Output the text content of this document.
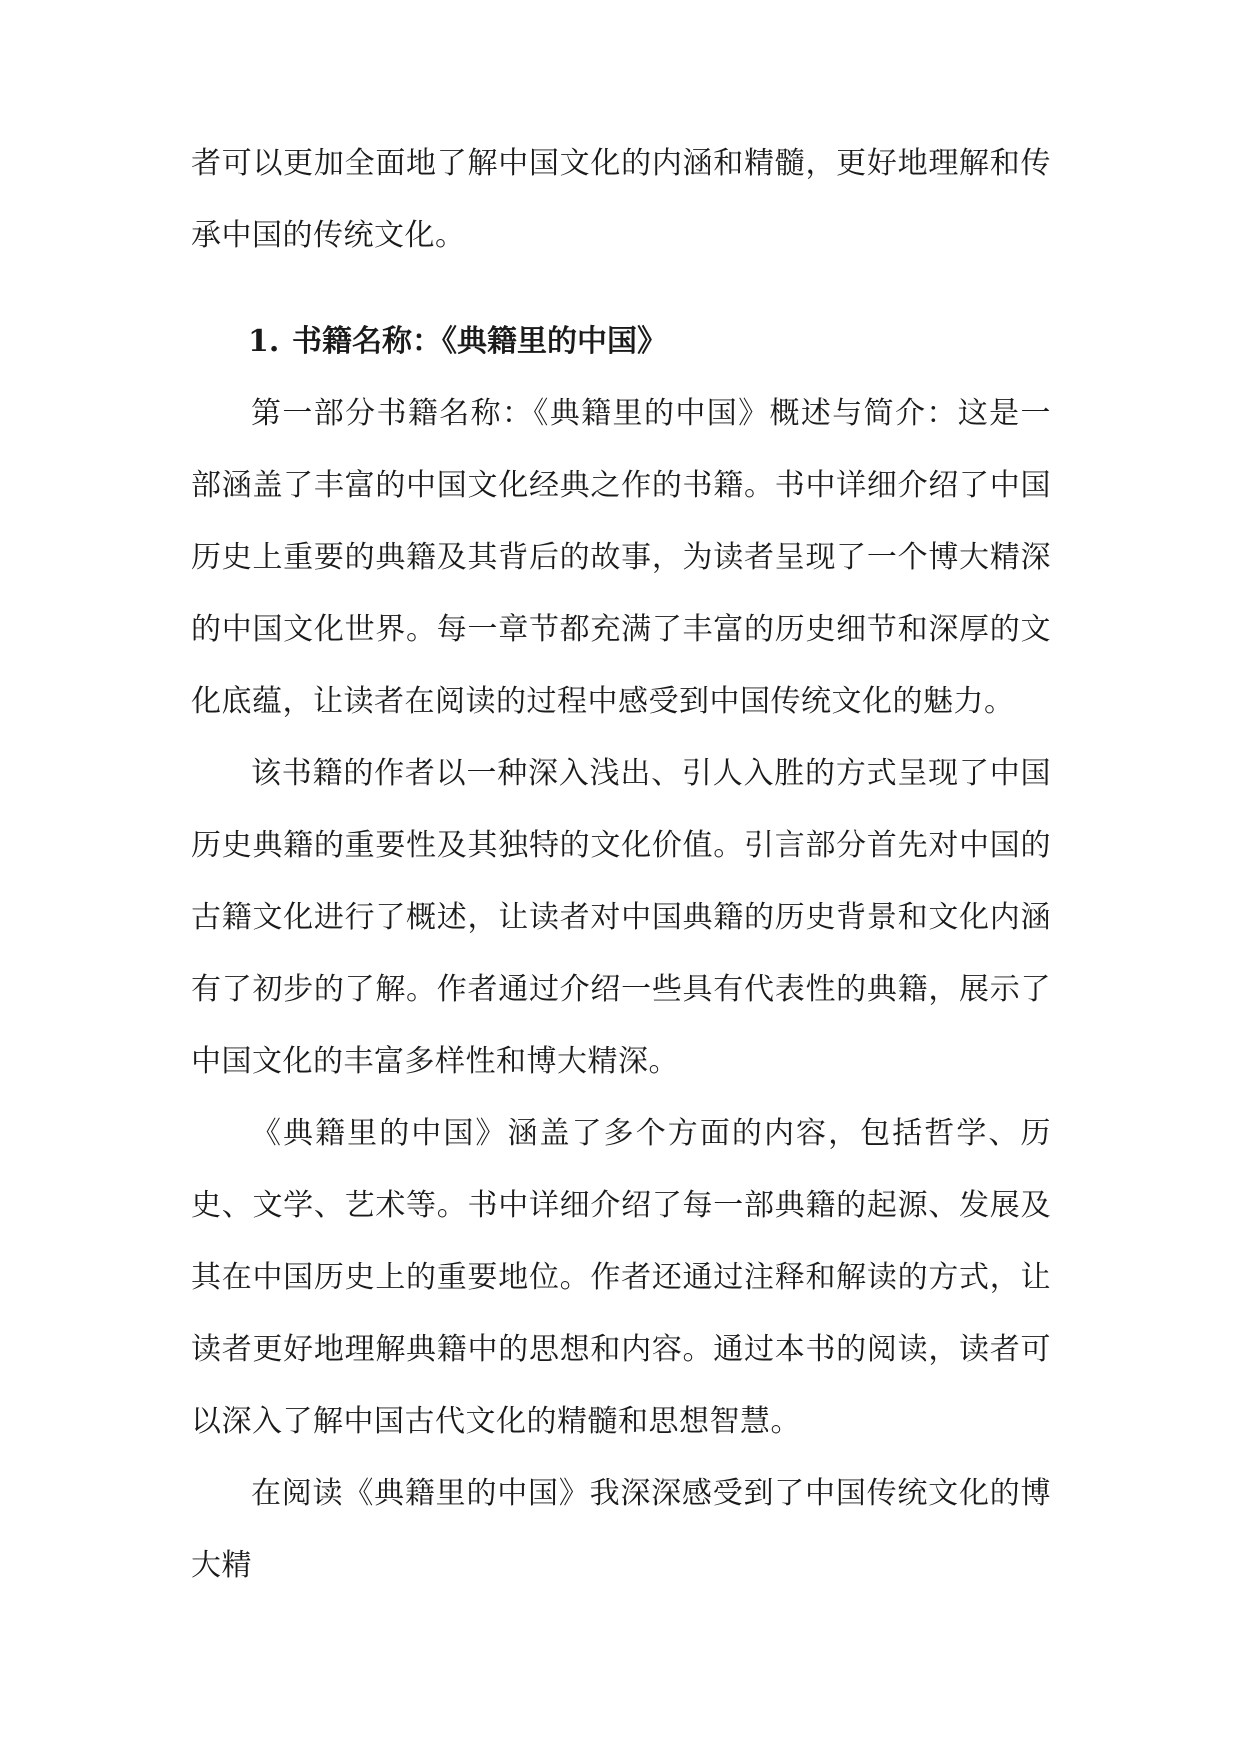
者可以更加全面地了解中国文化的内涵和精髓，更好地理解和传承中国的传统文化。

1. 书籍名称：《典籍里的中国》

第一部分书籍名称：《典籍里的中国》概述与简介：这是一部涵盖了丰富的中国文化经典之作的书籍。书中详细介绍了中国历史上重要的典籍及其背后的故事，为读者呈现了一个博大精深的中国文化世界。每一章节都充满了丰富的历史细节和深厚的文化底蕴，让读者在阅读的过程中感受到中国传统文化的魅力。

该书籍的作者以一种深入浅出、引人入胜的方式呈现了中国历史典籍的重要性及其独特的文化价值。引言部分首先对中国的古籍文化进行了概述，让读者对中国典籍的历史背景和文化内涵有了初步的了解。作者通过介绍一些具有代表性的典籍，展示了中国文化的丰富多样性和博大精深。

《典籍里的中国》涵盖了多个方面的内容，包括哲学、历史、文学、艺术等。书中详细介绍了每一部典籍的起源、发展及其在中国历史上的重要地位。作者还通过注释和解读的方式，让读者更好地理解典籍中的思想和内容。通过本书的阅读，读者可以深入了解中国古代文化的精髓和思想智慧。

在阅读《典籍里的中国》我深深感受到了中国传统文化的博大精
